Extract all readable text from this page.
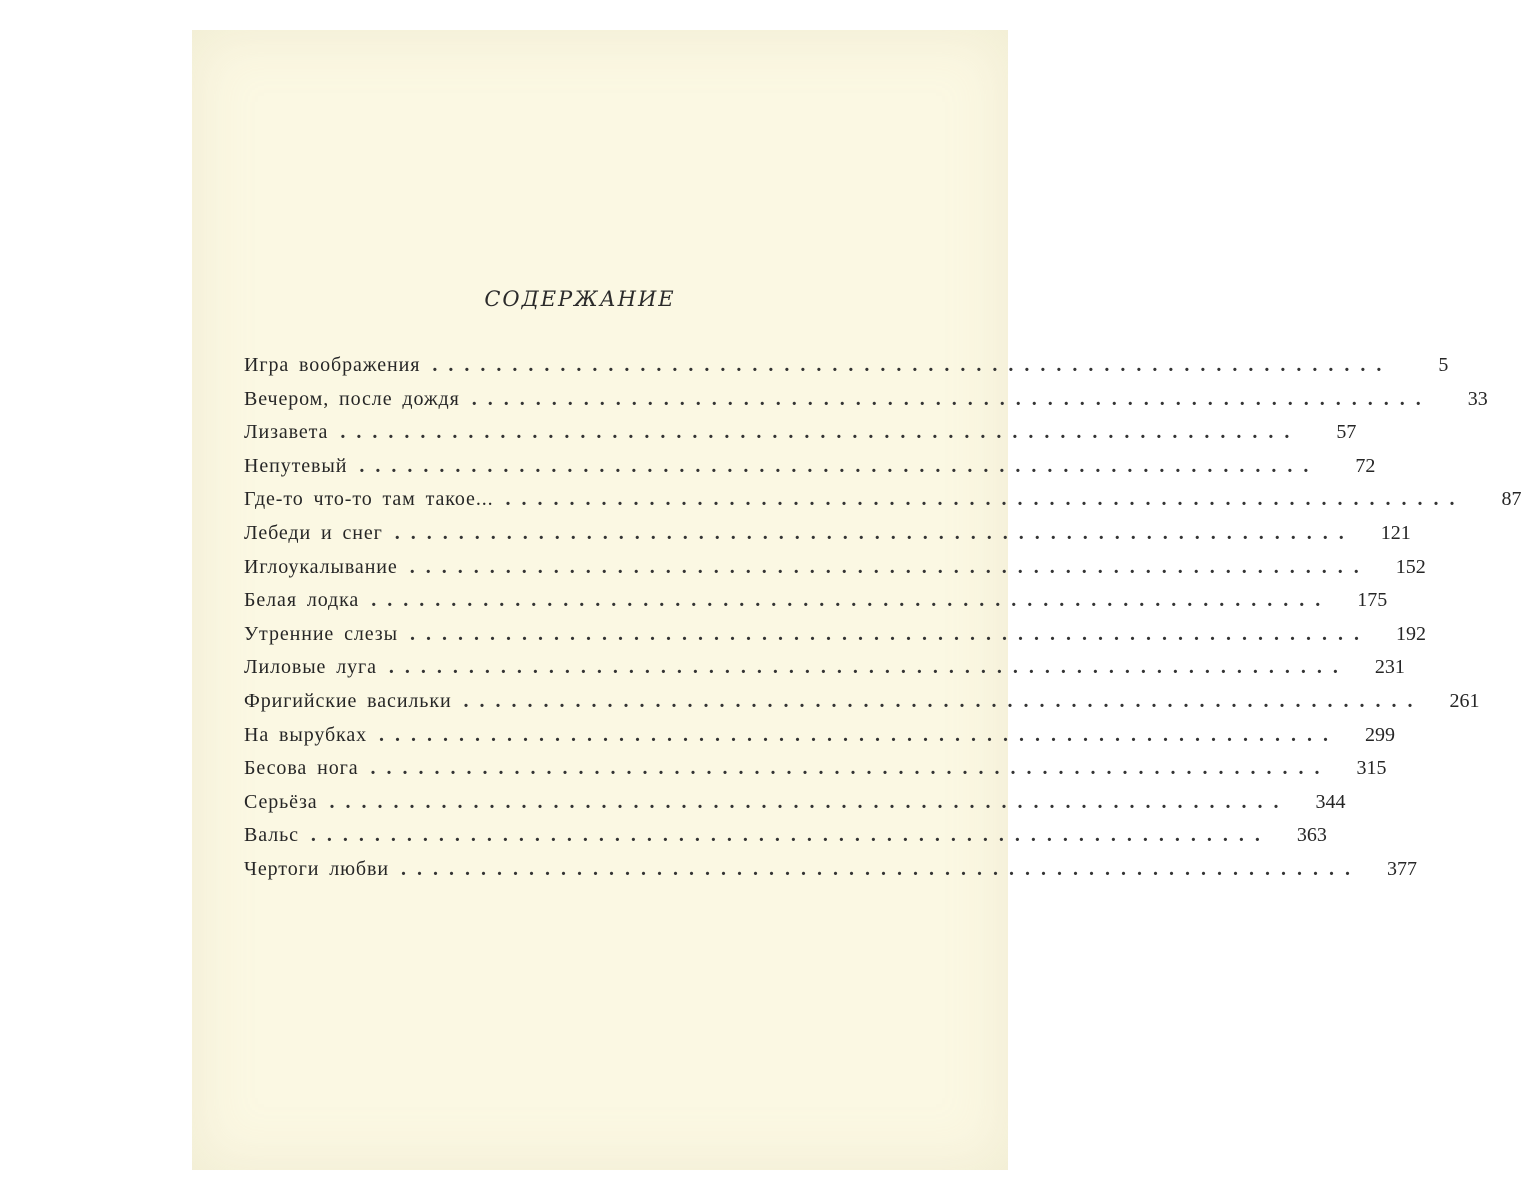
СОДЕРЖАНИЕ
Игра воображения ............................................................	5
Вечером, после дождя ............................................................	33
Лизавета ............................................................	57
Непутевый ............................................................	72
Где-то что-то там такое... ............................................................	87
Лебеди и снег ............................................................	121
Иглоукалывание ............................................................	152
Белая лодка ............................................................	175
Утренние слезы ............................................................	192
Лиловые луга ............................................................	231
Фригийские васильки ............................................................	261
На вырубках ............................................................	299
Бесова нога ............................................................	315
Серьёза ............................................................	344
Вальс ............................................................	363
Чертоги любви ............................................................	377
